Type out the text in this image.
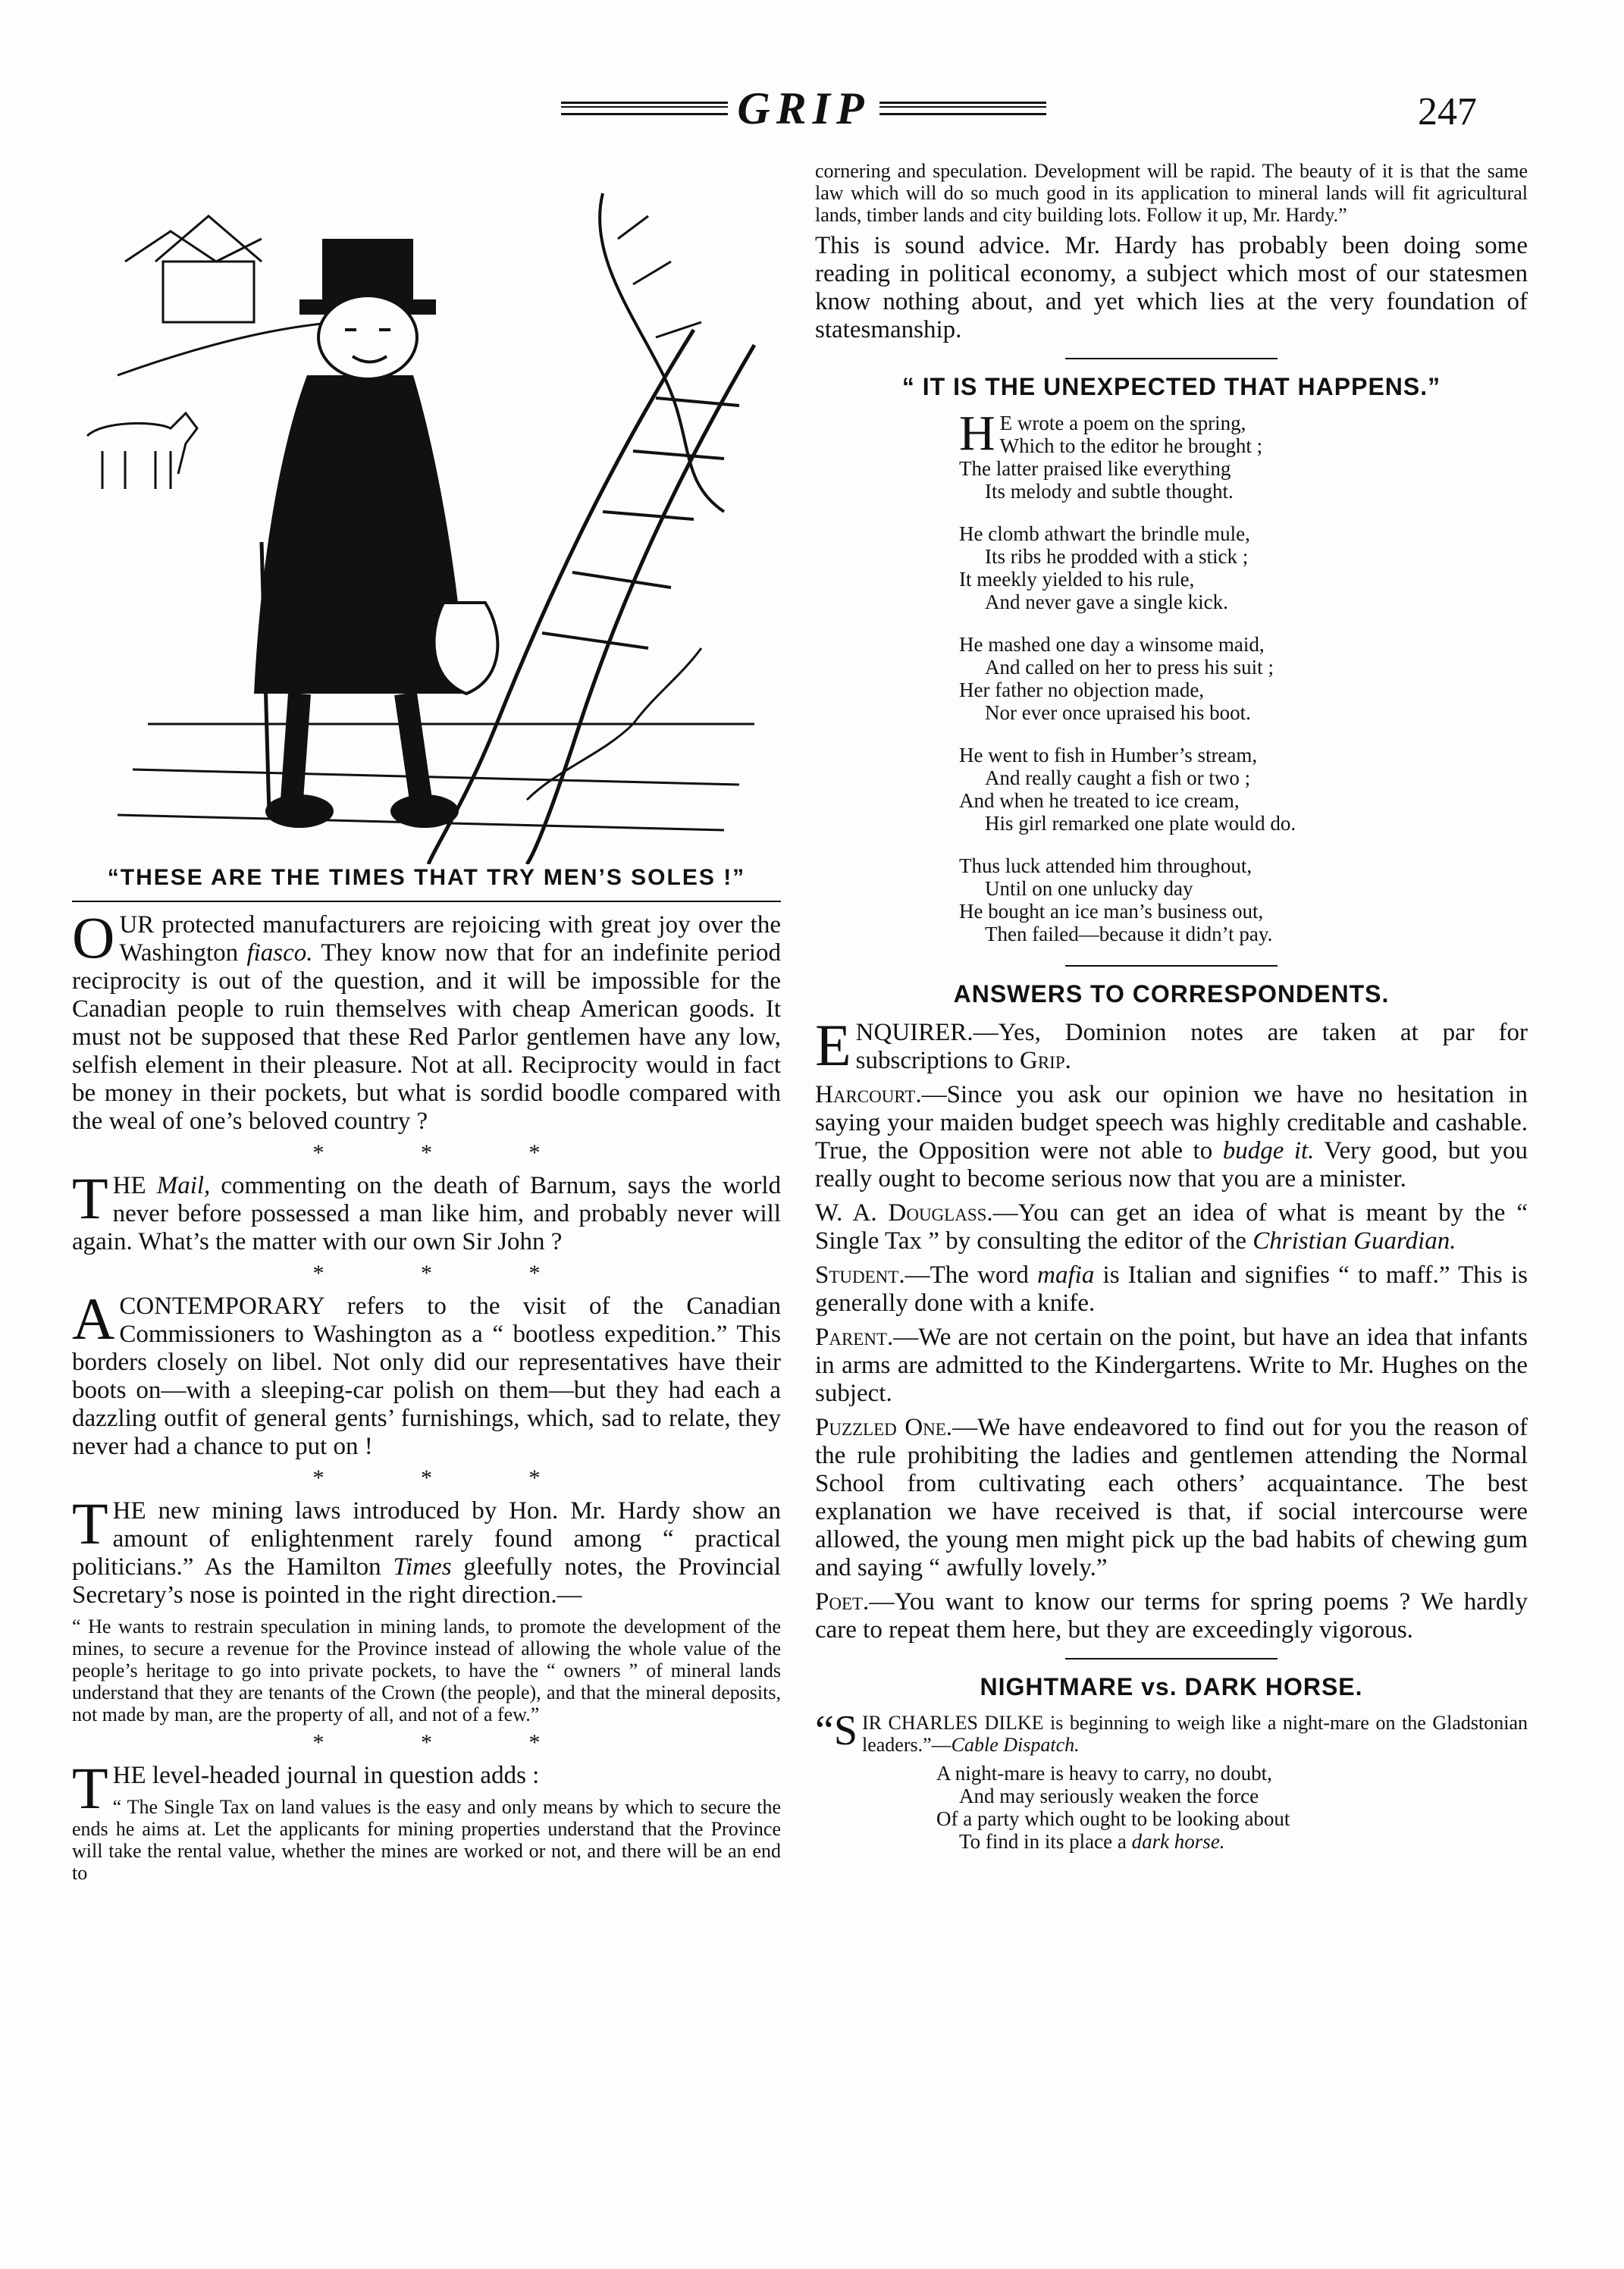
GRIP	247
“THESE ARE THE TIMES THAT TRY MEN’S SOLES !”

OUR protected manufacturers are rejoicing with great joy over the Washington fiasco. They know now that for an indefinite period reciprocity is out of the question, and it will be impossible for the Canadian people to ruin themselves with cheap American goods. It must not be supposed that these Red Parlor gentlemen have any low, selfish element in their pleasure. Not at all. Reciprocity would in fact be money in their pockets, but what is sordid boodle compared with the weal of one’s beloved country ?

* * *

THE Mail, commenting on the death of Barnum, says the world never before possessed a man like him, and probably never will again. What’s the matter with our own Sir John ?

* * *

A CONTEMPORARY refers to the visit of the Canadian Commissioners to Washington as a “ bootless expedition.” This borders closely on libel. Not only did our representatives have their boots on—with a sleeping-car polish on them—but they had each a dazzling outfit of general gents’ furnishings, which, sad to relate, they never had a chance to put on !

* * *

THE new mining laws introduced by Hon. Mr. Hardy show an amount of enlightenment rarely found among “ practical politicians.” As the Hamilton Times gleefully notes, the Provincial Secretary’s nose is pointed in the right direction.—

“ He wants to restrain speculation in mining lands, to promote the development of the mines, to secure a revenue for the Province instead of allowing the whole value of the people’s heritage to go into private pockets, to have the “ owners ” of mineral lands understand that they are tenants of the Crown (the people), and that the mineral deposits, not made by man, are the property of all, and not of a few.”

* * *

THE level-headed journal in question adds :

“ The Single Tax on land values is the easy and only means by which to secure the ends he aims at. Let the applicants for mining properties understand that the Province will take the rental value, whether the mines are worked or not, and there will be an end to

cornering and speculation. Development will be rapid. The beauty of it is that the same law which will do so much good in its application to mineral lands will fit agricultural lands, timber lands and city building lots. Follow it up, Mr. Hardy.”

This is sound advice. Mr. Hardy has probably been doing some reading in political economy, a subject which most of our statesmen know nothing about, and yet which lies at the very foundation of statesmanship.

“ IT IS THE UNEXPECTED THAT HAPPENS.”
H E wrote a poem on the spring,
Which to the editor he brought ;
The latter praised like everything
Its melody and subtle thought.
He clomb athwart the brindle mule,
Its ribs he prodded with a stick ;
It meekly yielded to his rule,
And never gave a single kick.
He mashed one day a winsome maid,
And called on her to press his suit ;
Her father no objection made,
Nor ever once upraised his boot.
He went to fish in Humber’s stream,
And really caught a fish or two ;
And when he treated to ice cream,
His girl remarked one plate would do.
Thus luck attended him throughout,
Until on one unlucky day
He bought an ice man’s business out,
Then failed—because it didn’t pay.
ANSWERS TO CORRESPONDENTS.

ENQUIRER.—Yes, Dominion notes are taken at par for subscriptions to Grip.

Harcourt.—Since you ask our opinion we have no hesitation in saying your maiden budget speech was highly creditable and cashable. True, the Opposition were not able to budge it. Very good, but you really ought to become serious now that you are a minister.

W. A. Douglass.—You can get an idea of what is meant by the “ Single Tax ” by consulting the editor of the Christian Guardian.

Student.—The word mafia is Italian and signifies “ to maff.” This is generally done with a knife.

Parent.—We are not certain on the point, but have an idea that infants in arms are admitted to the Kindergartens. Write to Mr. Hughes on the subject.

Puzzled One.—We have endeavored to find out for you the reason of the rule prohibiting the ladies and gentlemen attending the Normal School from cultivating each others’ acquaintance. The best explanation we have received is that, if social intercourse were allowed, the young men might pick up the bad habits of chewing gum and saying “ awfully lovely.”

Poet.—You want to know our terms for spring poems ? We hardly care to repeat them here, but they are exceedingly vigorous.

NIGHTMARE vs. DARK HORSE.

“SIR CHARLES DILKE is beginning to weigh like a night-mare on the Gladstonian leaders.”—Cable Dispatch.

A night-mare is heavy to carry, no doubt,
And may seriously weaken the force
Of a party which ought to be looking about
To find in its place a dark horse.
